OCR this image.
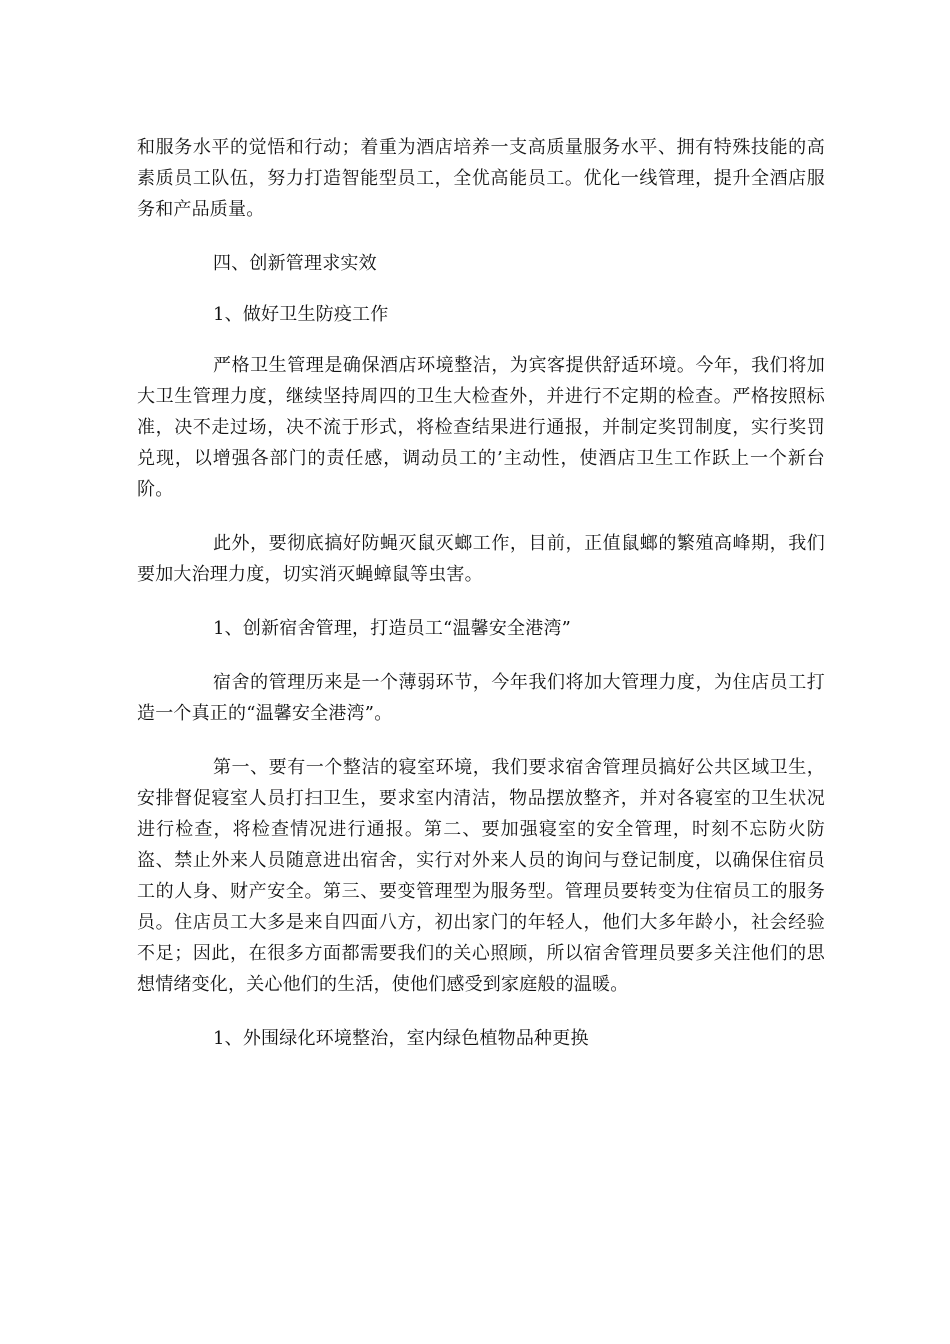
和服务水平的觉悟和行动；着重为酒店培养一支高质量服务水平、拥有特殊技能的高素质员工队伍，努力打造智能型员工，全优高能员工。优化一线管理，提升全酒店服务和产品质量。

四、创新管理求实效

1、做好卫生防疫工作

严格卫生管理是确保酒店环境整洁，为宾客提供舒适环境。今年，我们将加大卫生管理力度，继续坚持周四的卫生大检查外，并进行不定期的检查。严格按照标准，决不走过场，决不流于形式，将检查结果进行通报，并制定奖罚制度，实行奖罚兑现，以增强各部门的责任感，调动员工的’主动性，使酒店卫生工作跃上一个新台阶。

此外，要彻底搞好防蝇灭鼠灭螂工作，目前，正值鼠螂的繁殖高峰期，我们要加大治理力度，切实消灭蝇蟑鼠等虫害。

1、创新宿舍管理，打造员工“温馨安全港湾”

宿舍的管理历来是一个薄弱环节，今年我们将加大管理力度，为住店员工打造一个真正的“温馨安全港湾”。

第一、要有一个整洁的寝室环境，我们要求宿舍管理员搞好公共区域卫生，安排督促寝室人员打扫卫生，要求室内清洁，物品摆放整齐，并对各寝室的卫生状况进行检查，将检查情况进行通报。第二、要加强寝室的安全管理，时刻不忘防火防盗、禁止外来人员随意进出宿舍，实行对外来人员的询问与登记制度，以确保住宿员工的人身、财产安全。第三、要变管理型为服务型。管理员要转变为住宿员工的服务员。住店员工大多是来自四面八方，初出家门的年轻人，他们大多年龄小，社会经验不足；因此，在很多方面都需要我们的关心照顾，所以宿舍管理员要多关注他们的思想情绪变化，关心他们的生活，使他们感受到家庭般的温暖。

1、外围绿化环境整治，室内绿色植物品种更换
